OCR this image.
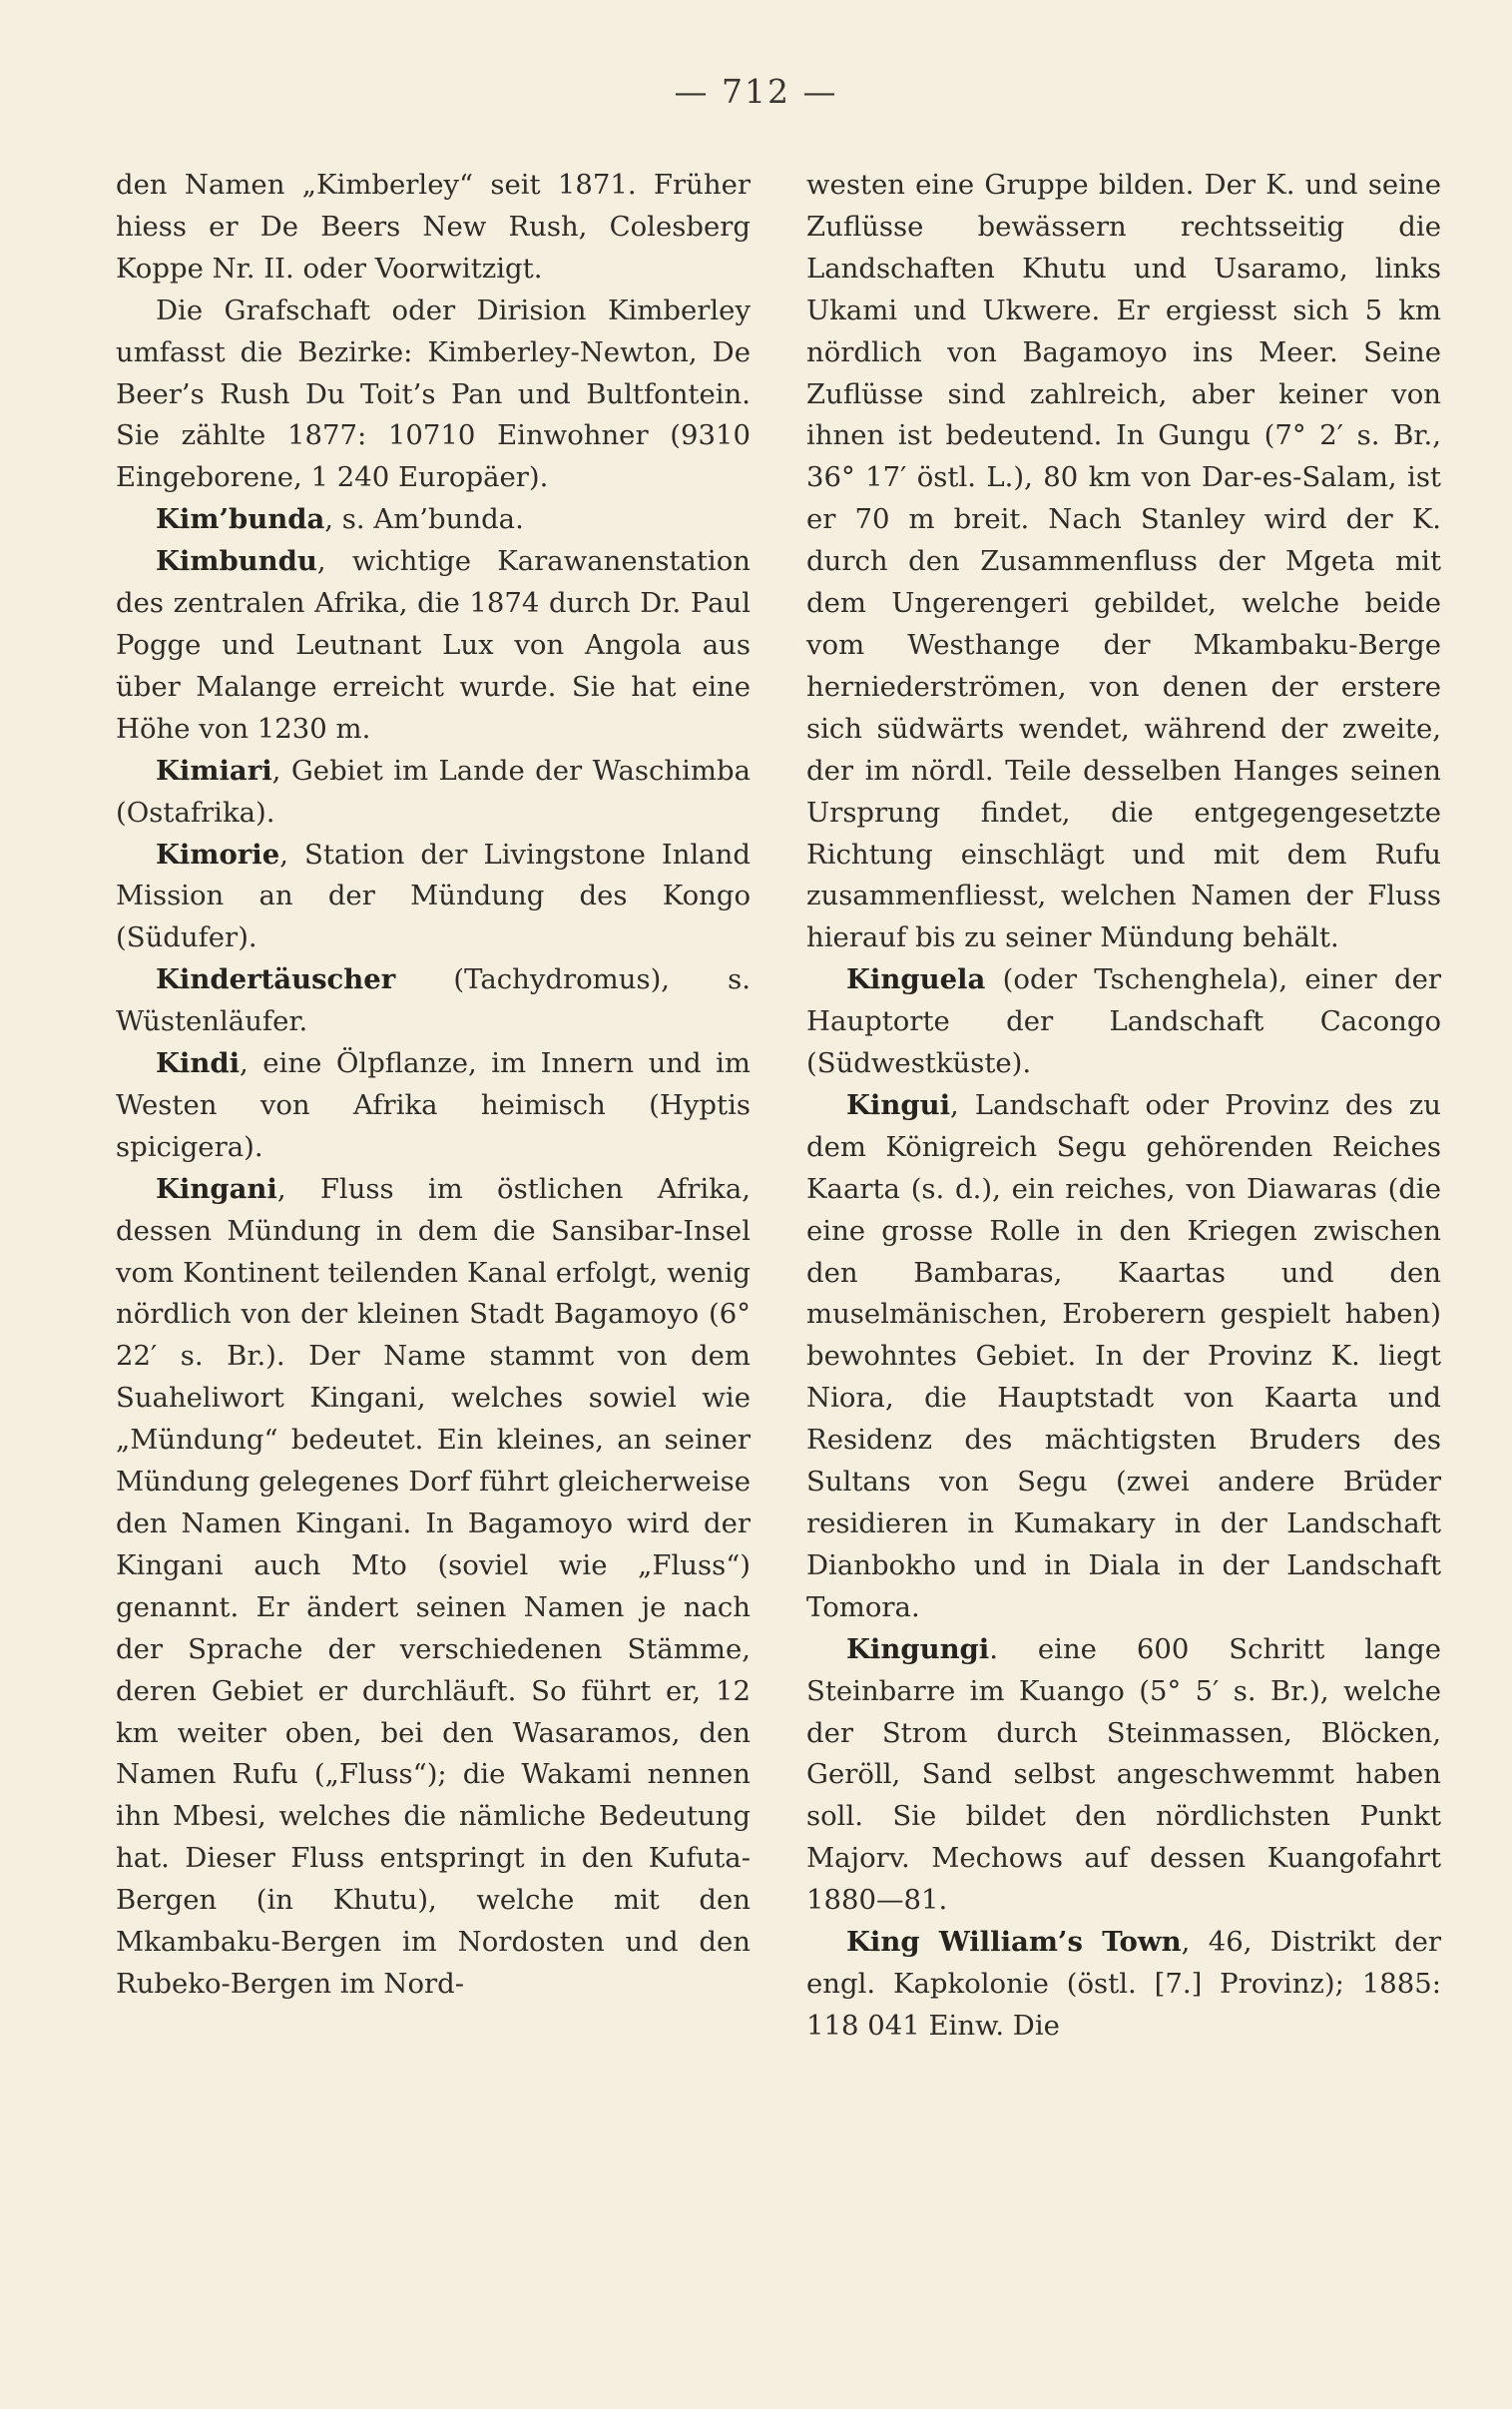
— 712 —

den Namen „Kimberley“ seit 1871. Früher hiess er De Beers New Rush, Colesberg Koppe Nr. II. oder Voorwitzigt.

Die Grafschaft oder Dirision Kimberley umfasst die Bezirke: Kimberley-Newton, De Beer’s Rush Du Toit’s Pan und Bultfontein. Sie zählte 1877: 10710 Einwohner (9310 Eingeborene, 1 240 Europäer).

Kim’bunda, s. Am’bunda.

Kimbundu, wichtige Karawanenstation des zentralen Afrika, die 1874 durch Dr. Paul Pogge und Leutnant Lux von Angola aus über Malange erreicht wurde. Sie hat eine Höhe von 1230 m.

Kimiari, Gebiet im Lande der Waschimba (Ostafrika).

Kimorie, Station der Livingstone Inland Mission an der Mündung des Kongo (Südufer).

Kindertäuscher (Tachydromus), s. Wüstenläufer.

Kindi, eine Ölpflanze, im Innern und im Westen von Afrika heimisch (Hyptis spicigera).

Kingani, Fluss im östlichen Afrika, dessen Mündung in dem die Sansibar-Insel vom Kontinent teilenden Kanal erfolgt, wenig nördlich von der kleinen Stadt Bagamoyo (6° 22′ s. Br.). Der Name stammt von dem Suaheliwort Kingani, welches sowiel wie „Mündung“ bedeutet. Ein kleines, an seiner Mündung gelegenes Dorf führt gleicherweise den Namen Kingani. In Bagamoyo wird der Kingani auch Mto (soviel wie „Fluss“) genannt. Er ändert seinen Namen je nach der Sprache der verschiedenen Stämme, deren Gebiet er durchläuft. So führt er, 12 km weiter oben, bei den Wasaramos, den Namen Rufu („Fluss“); die Wakami nennen ihn Mbesi, welches die nämliche Bedeutung hat. Dieser Fluss entspringt in den Kufuta-Bergen (in Khutu), welche mit den Mkambaku-Bergen im Nordosten und den Rubeko-Bergen im Nord-

westen eine Gruppe bilden. Der K. und seine Zuflüsse bewässern rechtsseitig die Landschaften Khutu und Usaramo, links Ukami und Ukwere. Er ergiesst sich 5 km nördlich von Bagamoyo ins Meer. Seine Zuflüsse sind zahlreich, aber keiner von ihnen ist bedeutend. In Gungu (7° 2′ s. Br., 36° 17′ östl. L.), 80 km von Dar-es-Salam, ist er 70 m breit. Nach Stanley wird der K. durch den Zusammenfluss der Mgeta mit dem Ungerengeri gebildet, welche beide vom Westhange der Mkambaku-Berge herniederströmen, von denen der erstere sich südwärts wendet, während der zweite, der im nördl. Teile desselben Hanges seinen Ursprung findet, die entgegengesetzte Richtung einschlägt und mit dem Rufu zusammenfliesst, welchen Namen der Fluss hierauf bis zu seiner Mündung behält.

Kinguela (oder Tschenghela), einer der Hauptorte der Landschaft Cacongo (Südwestküste).

Kingui, Landschaft oder Provinz des zu dem Königreich Segu gehörenden Reiches Kaarta (s. d.), ein reiches, von Diawaras (die eine grosse Rolle in den Kriegen zwischen den Bambaras, Kaartas und den muselmänischen, Eroberern gespielt haben) bewohntes Gebiet. In der Provinz K. liegt Niora, die Hauptstadt von Kaarta und Residenz des mächtigsten Bruders des Sultans von Segu (zwei andere Brüder residieren in Kumakary in der Landschaft Dianbokho und in Diala in der Landschaft Tomora.

Kingungi. eine 600 Schritt lange Steinbarre im Kuango (5° 5′ s. Br.), welche der Strom durch Steinmassen, Blöcken, Geröll, Sand selbst angeschwemmt haben soll. Sie bildet den nördlichsten Punkt Majorv. Mechows auf dessen Kuangofahrt 1880—81.

King William’s Town, 46, Distrikt der engl. Kapkolonie (östl. [7.] Provinz); 1885: 118 041 Einw. Die
